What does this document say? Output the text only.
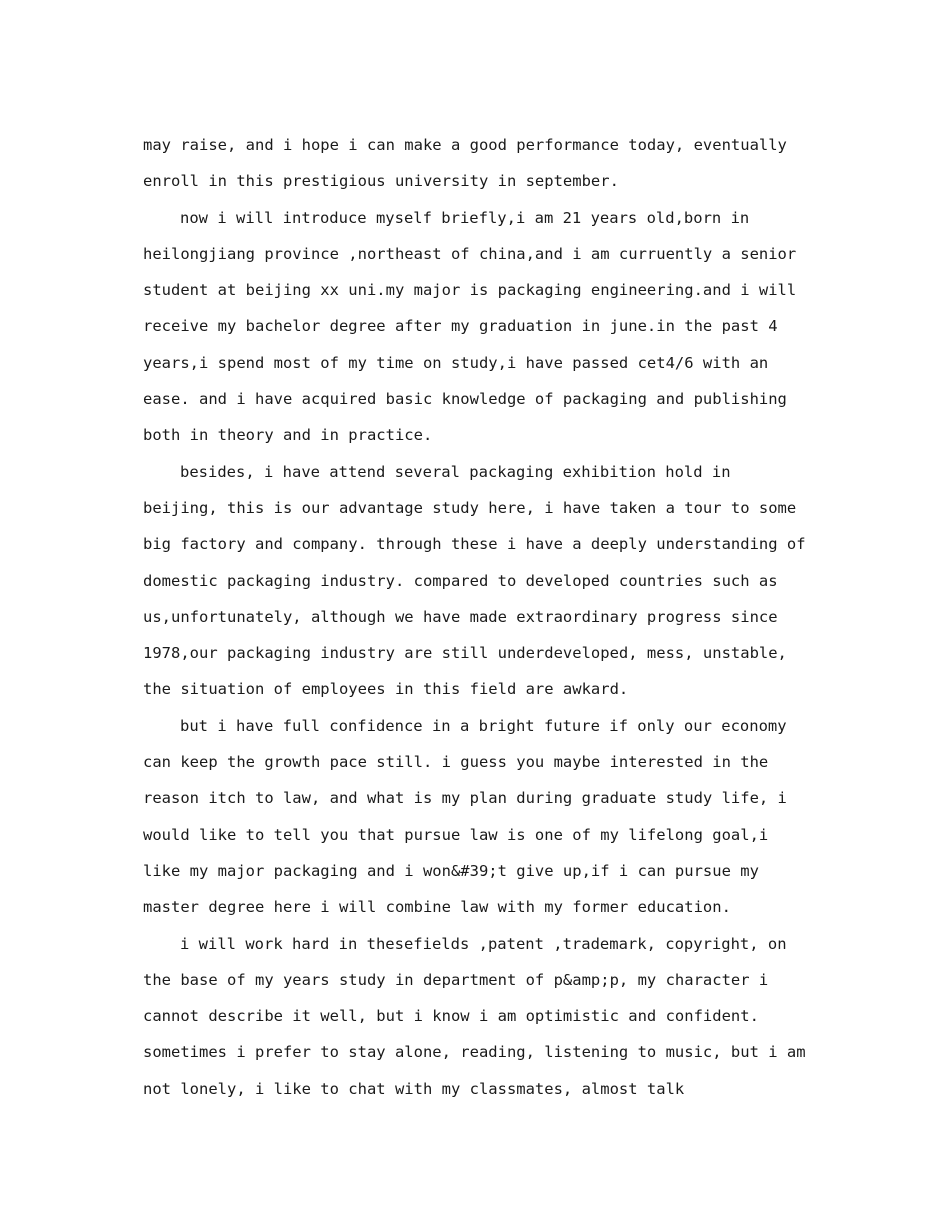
may raise, and i hope i can make a good performance today, eventually
enroll in this prestigious university in september.
now i will introduce myself briefly,i am 21 years old,born in
heilongjiang province ,northeast of china,and i am curruently a senior
student at beijing xx uni.my major is packaging engineering.and i will
receive my bachelor degree after my graduation in june.in the past 4
years,i spend most of my time on study,i have passed cet4/6 with an
ease. and i have acquired basic knowledge of packaging and publishing
both in theory and in practice.
besides, i have attend several packaging exhibition hold in
beijing, this is our advantage study here, i have taken a tour to some
big factory and company. through these i have a deeply understanding of
domestic packaging industry. compared to developed countries such as
us,unfortunately, although we have made extraordinary progress since
1978,our packaging industry are still underdeveloped, mess, unstable,
the situation of employees in this field are awkard.
but i have full confidence in a bright future if only our economy
can keep the growth pace still. i guess you maybe interested in the
reason itch to law, and what is my plan during graduate study life, i
would like to tell you that pursue law is one of my lifelong goal,i
like my major packaging and i won&#39;t give up,if i can pursue my
master degree here i will combine law with my former education.
i will work hard in thesefields ,patent ,trademark, copyright, on
the base of my years study in department of p&amp;p, my character i
cannot describe it well, but i know i am optimistic and confident.
sometimes i prefer to stay alone, reading, listening to music, but i am
not lonely, i like to chat with my classmates, almost talk
